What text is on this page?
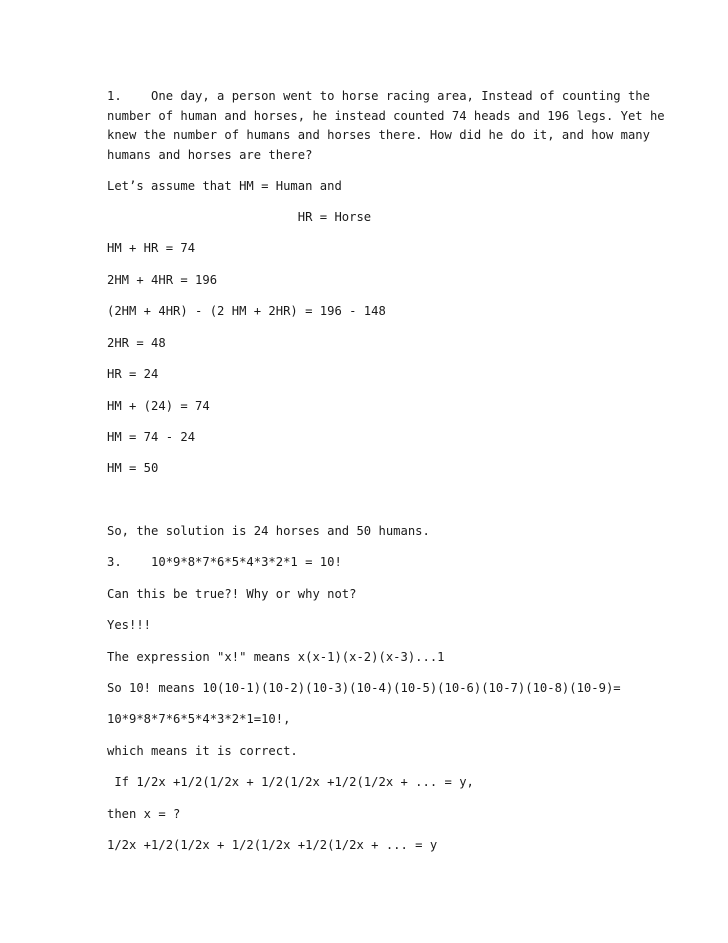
1.    One day, a person went to horse racing area, Instead of counting the
number of human and horses, he instead counted 74 heads and 196 legs. Yet he
knew the number of humans and horses there. How did he do it, and how many
humans and horses are there?
Let’s assume that HM = Human and
HR = Horse
HM + HR = 74
2HM + 4HR = 196
(2HM + 4HR) - (2 HM + 2HR) = 196 - 148
2HR = 48
HR = 24
HM + (24) = 74
HM = 74 - 24
HM = 50
So, the solution is 24 horses and 50 humans.
3.    10*9*8*7*6*5*4*3*2*1 = 10!
Can this be true?! Why or why not?
Yes!!!
The expression "x!" means x(x-1)(x-2)(x-3)...1
So 10! means 10(10-1)(10-2)(10-3)(10-4)(10-5)(10-6)(10-7)(10-8)(10-9)=
10*9*8*7*6*5*4*3*2*1=10!,
which means it is correct.
If 1/2x +1/2(1/2x + 1/2(1/2x +1/2(1/2x + ... = y,
then x = ?
1/2x +1/2(1/2x + 1/2(1/2x +1/2(1/2x + ... = y
